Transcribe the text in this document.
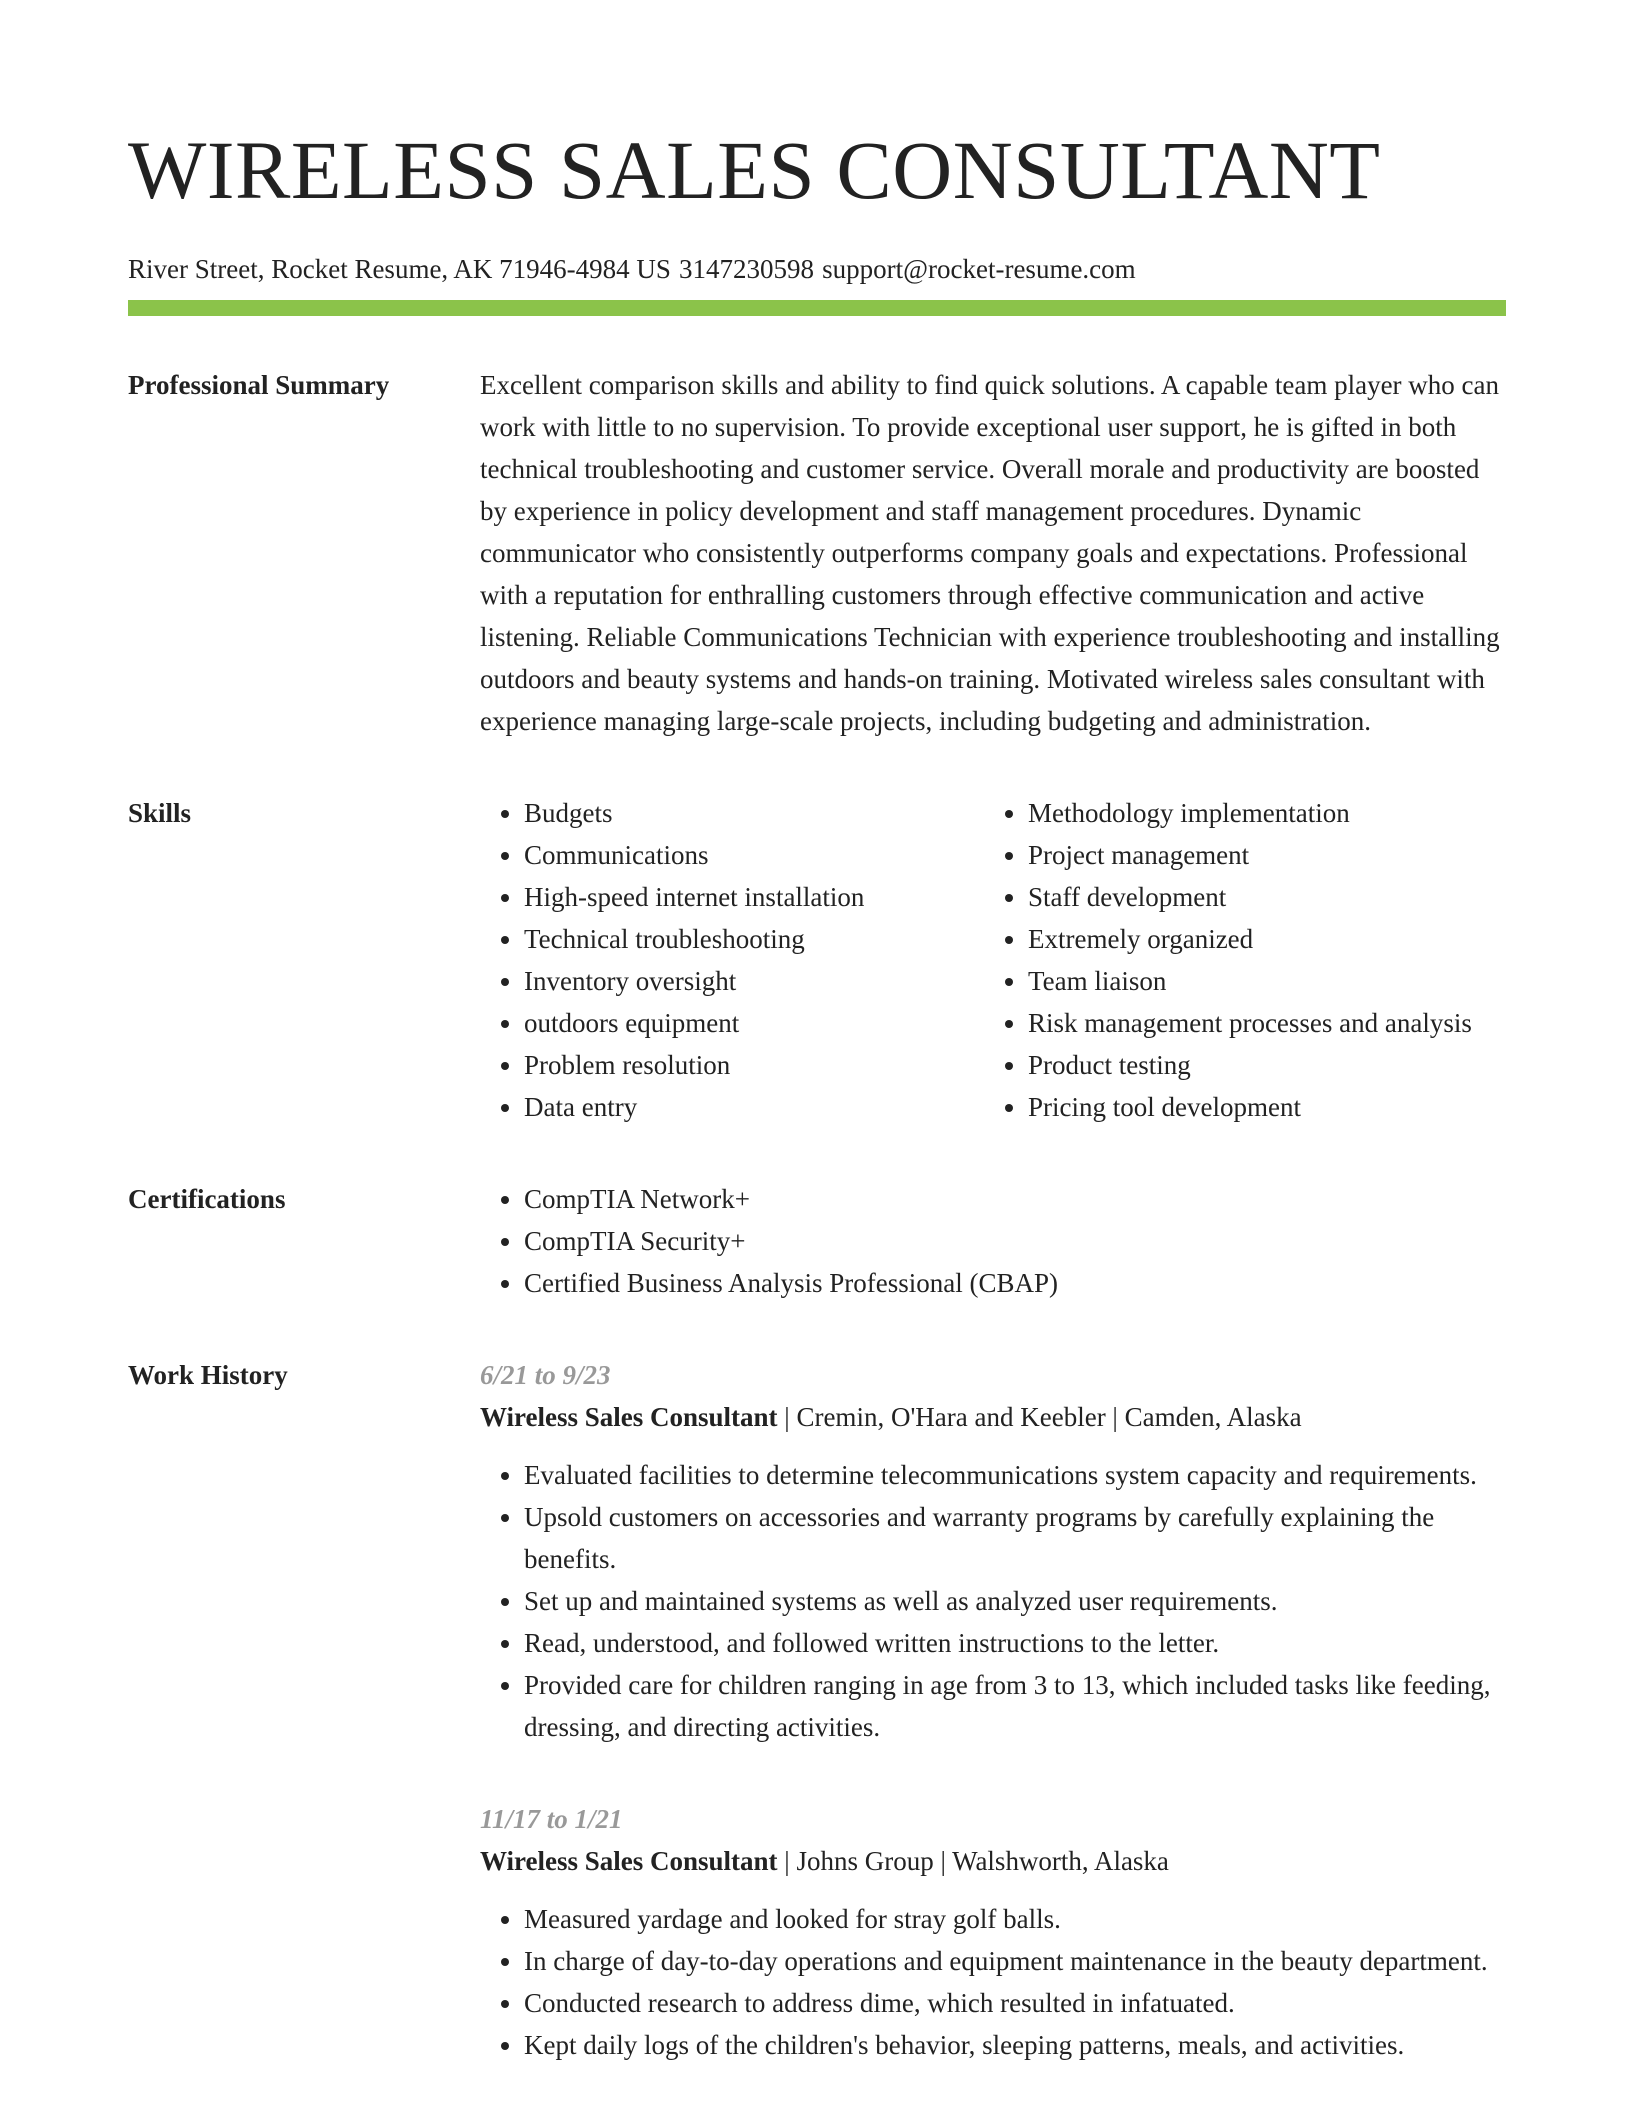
WIRELESS SALES CONSULTANT
River Street, Rocket Resume, AK 71946-4984 US 3147230598 support@rocket-resume.com
Professional Summary	Excellent comparison skills and ability to find quick solutions. A capable team player who can work with little to no supervision. To provide exceptional user support, he is gifted in both technical troubleshooting and customer service. Overall morale and productivity are boosted by experience in policy development and staff management procedures. Dynamic communicator who consistently outperforms company goals and expectations. Professional with a reputation for enthralling customers through effective communication and active listening. Reliable Communications Technician with experience troubleshooting and installing outdoors and beauty systems and hands-on training. Motivated wireless sales consultant with experience managing large-scale projects, including budgeting and administration.

Skills	• Budgets
• Communications
• High-speed internet installation
• Technical troubleshooting
• Inventory oversight
• outdoors equipment
• Problem resolution
• Data entry
• Methodology implementation
• Project management
• Staff development
• Extremely organized
• Team liaison
• Risk management processes and analysis
• Product testing
• Pricing tool development
Certifications	• CompTIA Network+
• CompTIA Security+
• Certified Business Analysis Professional (CBAP)
Work History	6/21 to 9/23
Wireless Sales Consultant | Cremin, O'Hara and Keebler | Camden, Alaska
• Evaluated facilities to determine telecommunications system capacity and requirements.
• Upsold customers on accessories and warranty programs by carefully explaining the benefits.
• Set up and maintained systems as well as analyzed user requirements.
• Read, understood, and followed written instructions to the letter.
• Provided care for children ranging in age from 3 to 13, which included tasks like feeding, dressing, and directing activities.
11/17 to 1/21
Wireless Sales Consultant | Johns Group | Walshworth, Alaska
• Measured yardage and looked for stray golf balls.
• In charge of day-to-day operations and equipment maintenance in the beauty department.
• Conducted research to address dime, which resulted in infatuated.
• Kept daily logs of the children's behavior, sleeping patterns, meals, and activities.
